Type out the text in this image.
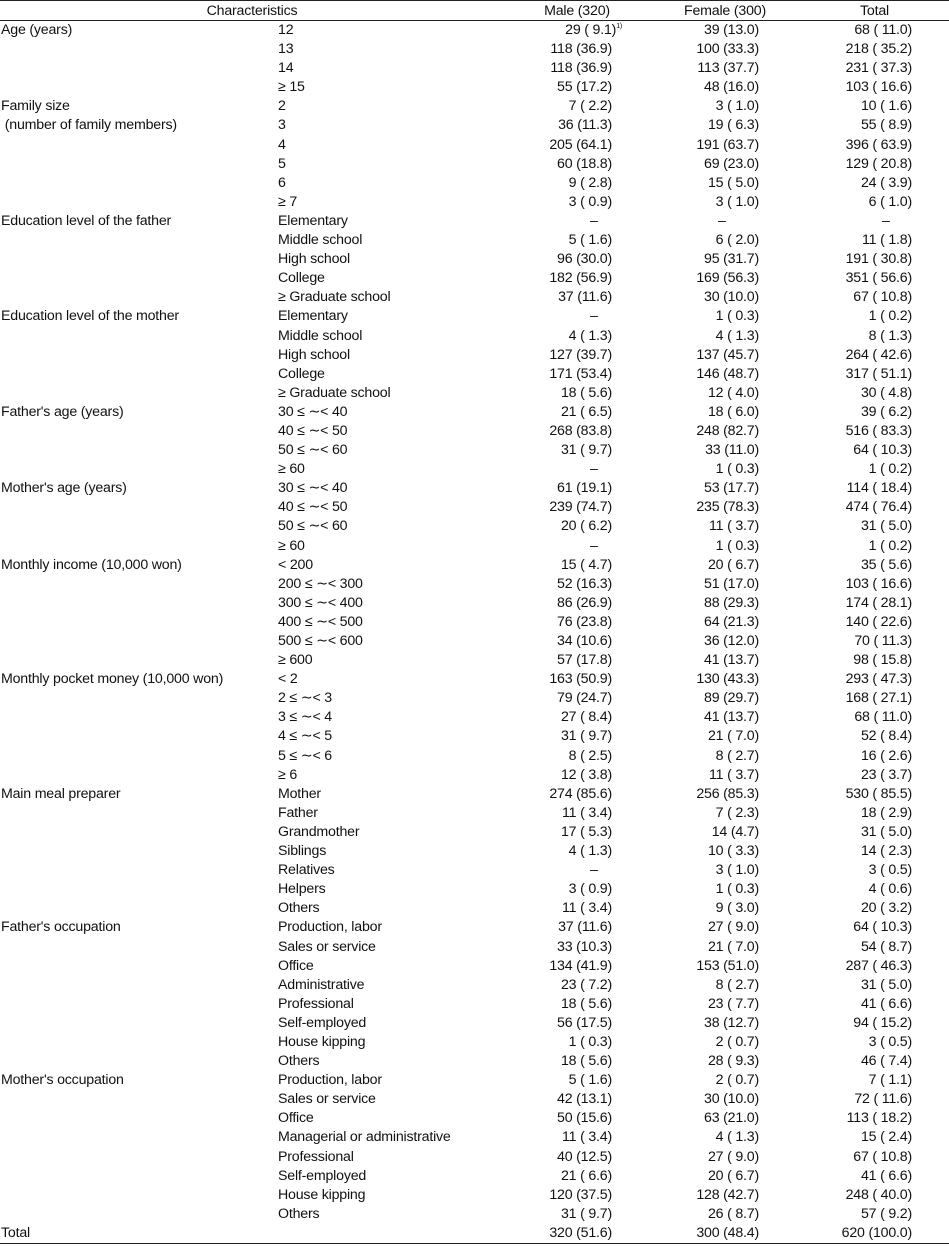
Characteristics		Male (320)	Female (300)	Total
Age (years)	12	29 ( 9.1)$^{1)}$	39 (13.0)	68 ( 11.0)
	13	118 (36.9)	100 (33.3)	218 ( 35.2)
	14	118 (36.9)	113 (37.7)	231 ( 37.3)
	≥ 15	55 (17.2)	48 (16.0)	103 ( 16.6)
Family size	2	7 ( 2.2)	3 ( 1.0)	10 ( 1.6)
(number of family members)	3	36 (11.3)	19 ( 6.3)	55 ( 8.9)
	4	205 (64.1)	191 (63.7)	396 ( 63.9)
	5	60 (18.8)	69 (23.0)	129 ( 20.8)
	6	9 ( 2.8)	15 ( 5.0)	24 ( 3.9)
	≥ 7	3 ( 0.9)	3 ( 1.0)	6 ( 1.0)
Education level of the father	Elementary	–	–	–
	Middle school	5 ( 1.6)	6 ( 2.0)	11 ( 1.8)
	High school	96 (30.0)	95 (31.7)	191 ( 30.8)
	College	182 (56.9)	169 (56.3)	351 ( 56.6)
	≥ Graduate school	37 (11.6)	30 (10.0)	67 ( 10.8)
Education level of the mother	Elementary	–	1 ( 0.3)	1 ( 0.2)
	Middle school	4 ( 1.3)	4 ( 1.3)	8 ( 1.3)
	High school	127 (39.7)	137 (45.7)	264 ( 42.6)
	College	171 (53.4)	146 (48.7)	317 ( 51.1)
	≥ Graduate school	18 ( 5.6)	12 ( 4.0)	30 ( 4.8)
Father's age (years)	30 ≤ ∼< 40	21 ( 6.5)	18 ( 6.0)	39 ( 6.2)
	40 ≤ ∼< 50	268 (83.8)	248 (82.7)	516 ( 83.3)
	50 ≤ ∼< 60	31 ( 9.7)	33 (11.0)	64 ( 10.3)
	≥ 60	–	1 ( 0.3)	1 ( 0.2)
Mother's age (years)	30 ≤ ∼< 40	61 (19.1)	53 (17.7)	114 ( 18.4)
	40 ≤ ∼< 50	239 (74.7)	235 (78.3)	474 ( 76.4)
	50 ≤ ∼< 60	20 ( 6.2)	11 ( 3.7)	31 ( 5.0)
	≥ 60	–	1 ( 0.3)	1 ( 0.2)
Monthly income (10,000 won)	< 200	15 ( 4.7)	20 ( 6.7)	35 ( 5.6)
	200 ≤ ∼< 300	52 (16.3)	51 (17.0)	103 ( 16.6)
	300 ≤ ∼< 400	86 (26.9)	88 (29.3)	174 ( 28.1)
	400 ≤ ∼< 500	76 (23.8)	64 (21.3)	140 ( 22.6)
	500 ≤ ∼< 600	34 (10.6)	36 (12.0)	70 ( 11.3)
	≥ 600	57 (17.8)	41 (13.7)	98 ( 15.8)
Monthly pocket money (10,000 won)	< 2	163 (50.9)	130 (43.3)	293 ( 47.3)
	2 ≤ ∼< 3	79 (24.7)	89 (29.7)	168 ( 27.1)
	3 ≤ ∼< 4	27 ( 8.4)	41 (13.7)	68 ( 11.0)
	4 ≤ ∼< 5	31 ( 9.7)	21 ( 7.0)	52 ( 8.4)
	5 ≤ ∼< 6	8 ( 2.5)	8 ( 2.7)	16 ( 2.6)
	≥ 6	12 ( 3.8)	11 ( 3.7)	23 ( 3.7)
Main meal preparer	Mother	274 (85.6)	256 (85.3)	530 ( 85.5)
	Father	11 ( 3.4)	7 ( 2.3)	18 ( 2.9)
	Grandmother	17 ( 5.3)	14 (4.7)	31 ( 5.0)
	Siblings	4 ( 1.3)	10 ( 3.3)	14 ( 2.3)
	Relatives	–	3 ( 1.0)	3 ( 0.5)
	Helpers	3 ( 0.9)	1 ( 0.3)	4 ( 0.6)
	Others	11 ( 3.4)	9 ( 3.0)	20 ( 3.2)
Father's occupation	Production, labor	37 (11.6)	27 ( 9.0)	64 ( 10.3)
	Sales or service	33 (10.3)	21 ( 7.0)	54 ( 8.7)
	Office	134 (41.9)	153 (51.0)	287 ( 46.3)
	Administrative	23 ( 7.2)	8 ( 2.7)	31 ( 5.0)
	Professional	18 ( 5.6)	23 ( 7.7)	41 ( 6.6)
	Self-employed	56 (17.5)	38 (12.7)	94 ( 15.2)
	House kipping	1 ( 0.3)	2 ( 0.7)	3 ( 0.5)
	Others	18 ( 5.6)	28 ( 9.3)	46 ( 7.4)
Mother's occupation	Production, labor	5 ( 1.6)	2 ( 0.7)	7 ( 1.1)
	Sales or service	42 (13.1)	30 (10.0)	72 ( 11.6)
	Office	50 (15.6)	63 (21.0)	113 ( 18.2)
	Managerial or administrative	11 ( 3.4)	4 ( 1.3)	15 ( 2.4)
	Professional	40 (12.5)	27 ( 9.0)	67 ( 10.8)
	Self-employed	21 ( 6.6)	20 ( 6.7)	41 ( 6.6)
	House kipping	120 (37.5)	128 (42.7)	248 ( 40.0)
	Others	31 ( 9.7)	26 ( 8.7)	57 ( 9.2)
Total		320 (51.6)	300 (48.4)	620 (100.0)
